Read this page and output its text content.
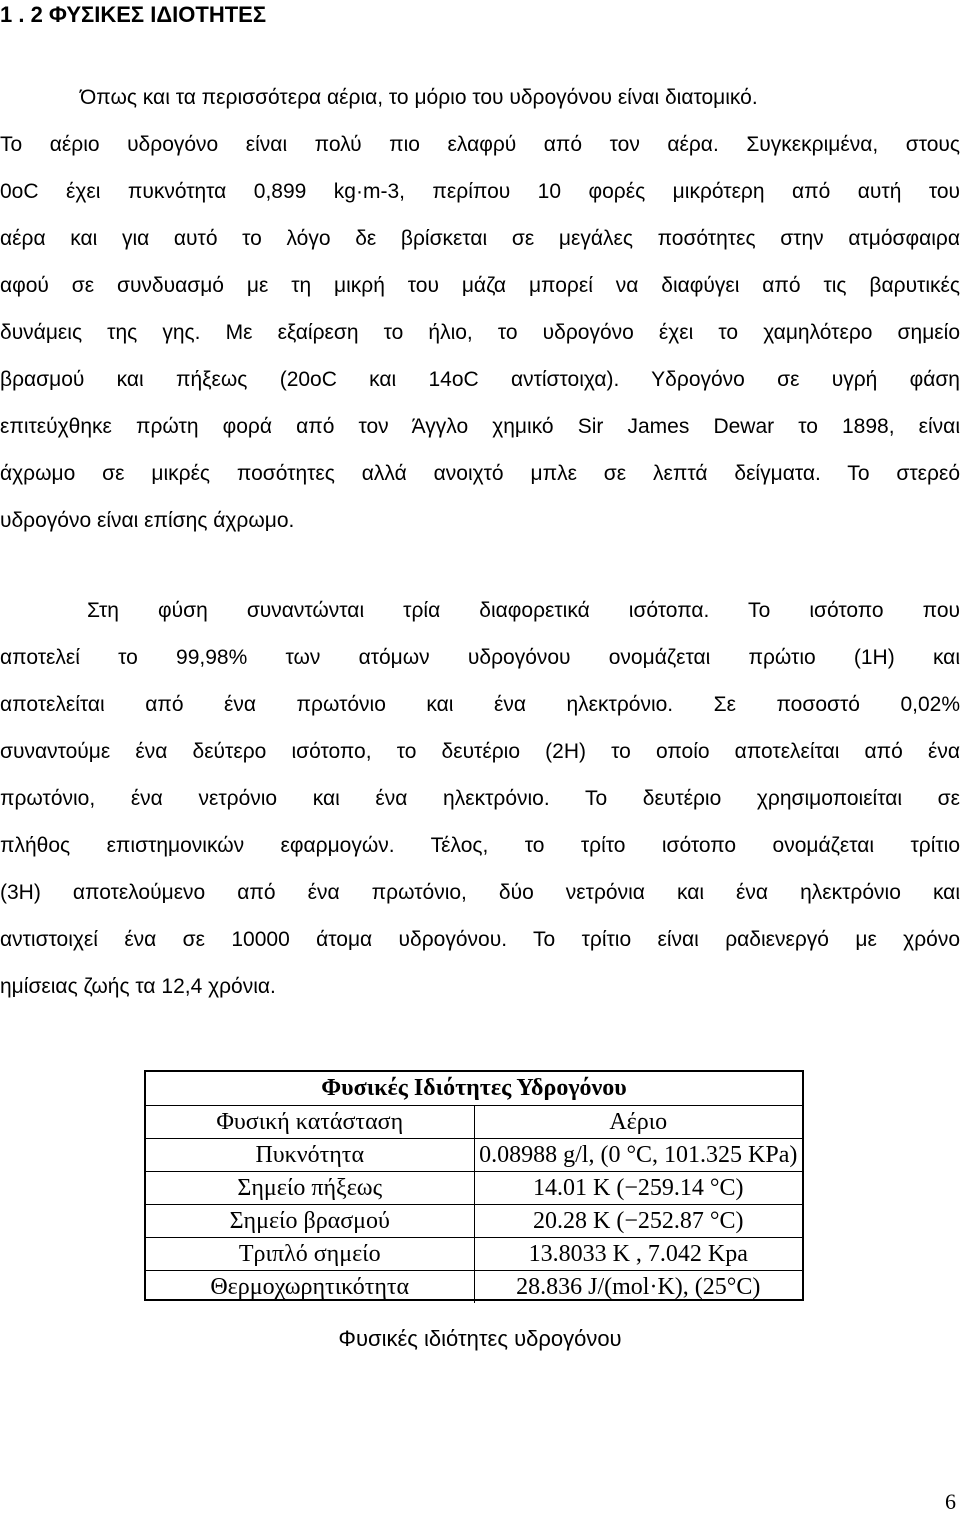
1 . 2 ΦΥΣΙΚΕΣ ΙΔΙΟΤΗΤΕΣ
Όπως και τα περισσότερα αέρια, το μόριο του υδρογόνου είναι διατομικό.
Το αέριο υδρογόνο είναι πολύ πιο ελαφρύ από τον αέρα. Συγκεκριμένα, στους
0oC έχει πυκνότητα 0,899 kg·m-3, περίπου 10 φορές μικρότερη από αυτή του
αέρα και για αυτό το λόγο δε βρίσκεται σε μεγάλες ποσότητες στην ατμόσφαιρα
αφού σε συνδυασμό με τη μικρή του μάζα μπορεί να διαφύγει από τις βαρυτικές
δυνάμεις της γης. Με εξαίρεση το ήλιο, το υδρογόνο έχει το χαμηλότερο σημείο
βρασμού και πήξεως (20oC και 14oC αντίστοιχα). Υδρογόνο σε υγρή φάση
επιτεύχθηκε πρώτη φορά από τον Άγγλο χημικό Sir James Dewar το 1898, είναι
άχρωμο σε μικρές ποσότητες αλλά ανοιχτό μπλε σε λεπτά δείγματα. Το στερεό
υδρογόνο είναι επίσης άχρωμο.
Στη φύση συναντώνται τρία διαφορετικά ισότοπα. Το ισότοπο που
αποτελεί το 99,98% των ατόμων υδρογόνου ονομάζεται πρώτιο (1H) και
αποτελείται από ένα πρωτόνιο και ένα ηλεκτρόνιο. Σε ποσοστό 0,02%
συναντούμε ένα δεύτερο ισότοπο, το δευτέριο (2H) το οποίο αποτελείται από ένα
πρωτόνιο, ένα νετρόνιο και ένα ηλεκτρόνιο. Το δευτέριο χρησιμοποιείται σε
πλήθος επιστημονικών εφαρμογών. Τέλος, το τρίτο ισότοπο ονομάζεται τρίτιο
(3H) αποτελούμενο από ένα πρωτόνιο, δύο νετρόνια και ένα ηλεκτρόνιο και
αντιστοιχεί ένα σε 10000 άτομα υδρογόνου. Το τρίτιο είναι ραδιενεργό με χρόνο
ημίσειας ζωής τα 12,4 χρόνια.
Φυσικές Ιδιότητες Υδρογόνου	
Φυσική κατάσταση	Αέριο
Πυκνότητα	0.08988 g/l, (0 °C, 101.325 KPa)
Σημείο πήξεως	14.01 K (−259.14 °C)
Σημείο βρασμού	20.28 K (−252.87 °C)
Τριπλό σημείο	13.8033 K , 7.042 Kpa
Θερμοχωρητικότητα	28.836 J/(mol·K), (25°C)
Φυσικές ιδιότητες υδρογόνου
6
